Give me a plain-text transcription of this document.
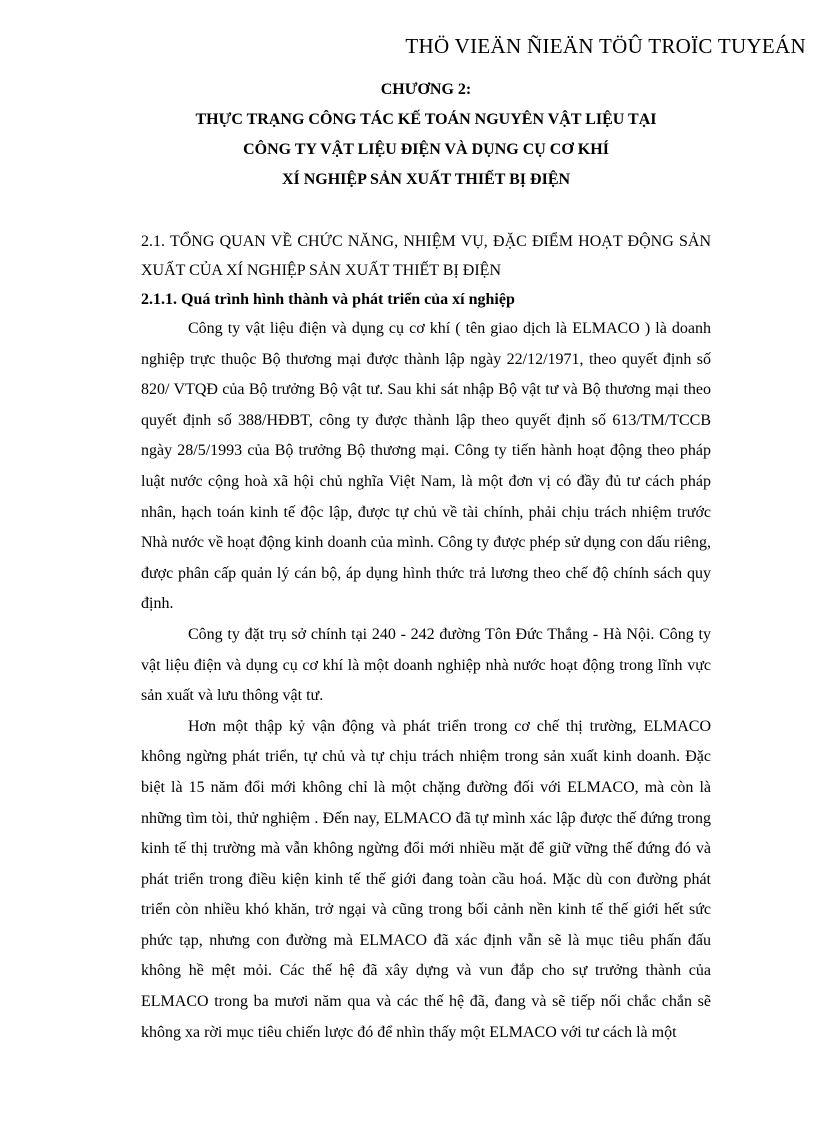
THÖ VIEÄN ÑIEÄN TÖÛ TROÏC TUYEÁN

CHƯƠNG 2:

THỰC TRẠNG CÔNG TÁC KẾ TOÁN NGUYÊN VẬT LIỆU TẠI

CÔNG TY VẬT LIỆU ĐIỆN VÀ DỤNG CỤ CƠ KHÍ

XÍ NGHIỆP SẢN XUẤT THIẾT BỊ ĐIỆN

2.1. TỔNG QUAN VỀ CHỨC NĂNG, NHIỆM VỤ, ĐẶC ĐIỂM HOẠT ĐỘNG SẢN XUẤT CỦA XÍ NGHIỆP SẢN XUẤT THIẾT BỊ ĐIỆN

2.1.1. Quá trình hình thành và phát triển của xí nghiệp

Công ty vật liệu điện và dụng cụ cơ khí ( tên giao dịch là ELMACO ) là doanh nghiệp trực thuộc Bộ thương mại được thành lập ngày 22/12/1971, theo quyết định số 820/ VTQĐ của Bộ trưởng Bộ vật tư. Sau khi sát nhập Bộ vật tư và Bộ thương mại theo quyết định số 388/HĐBT, công ty được thành lập theo quyết định số 613/TM/TCCB ngày 28/5/1993 của Bộ trưởng Bộ thương mại. Công ty tiến hành hoạt động theo pháp luật nước cộng hoà xã hội chủ nghĩa Việt Nam, là một đơn vị có đầy đủ tư cách pháp nhân, hạch toán kinh tế độc lập, được tự chủ về tài chính, phải chịu trách nhiệm trước Nhà nước về hoạt động kinh doanh của mình. Công ty được phép sử dụng con dấu riêng, được phân cấp quản lý cán bộ, áp dụng hình thức trả lương theo chế độ chính sách quy định.

Công ty đặt trụ sở chính tại 240 - 242 đường Tôn Đức Thắng - Hà Nội. Công ty vật liệu điện và dụng cụ cơ khí là một doanh nghiệp nhà nước hoạt động trong lĩnh vực sản xuất và lưu thông vật tư.

Hơn một thập kỷ vận động và phát triển trong cơ chế thị trường, ELMACO không ngừng phát triển, tự chủ và tự chịu trách nhiệm trong sản xuất kinh doanh. Đặc biệt là 15 năm đổi mới không chỉ là một chặng đường đối với ELMACO, mà còn là những tìm tòi, thử nghiệm . Đến nay, ELMACO đã tự mình xác lập được thế đứng trong kinh tế thị trường mà vẫn không ngừng đổi mới nhiều mặt để giữ vững thế đứng đó và phát triển trong điều kiện kinh tế thế giới đang toàn cầu hoá. Mặc dù con đường phát triển còn nhiều khó khăn, trở ngại và cũng trong bối cảnh nền kinh tế thế giới hết sức phức tạp, nhưng con đường mà ELMACO đã xác định vẫn sẽ là mục tiêu phấn đấu không hề mệt mỏi. Các thế hệ đã xây dựng và vun đắp cho sự trưởng thành của ELMACO trong ba mươi năm qua và các thế hệ đã, đang và sẽ tiếp nối chắc chắn sẽ không xa rời mục tiêu chiến lược đó để nhìn thấy một ELMACO với tư cách là một
